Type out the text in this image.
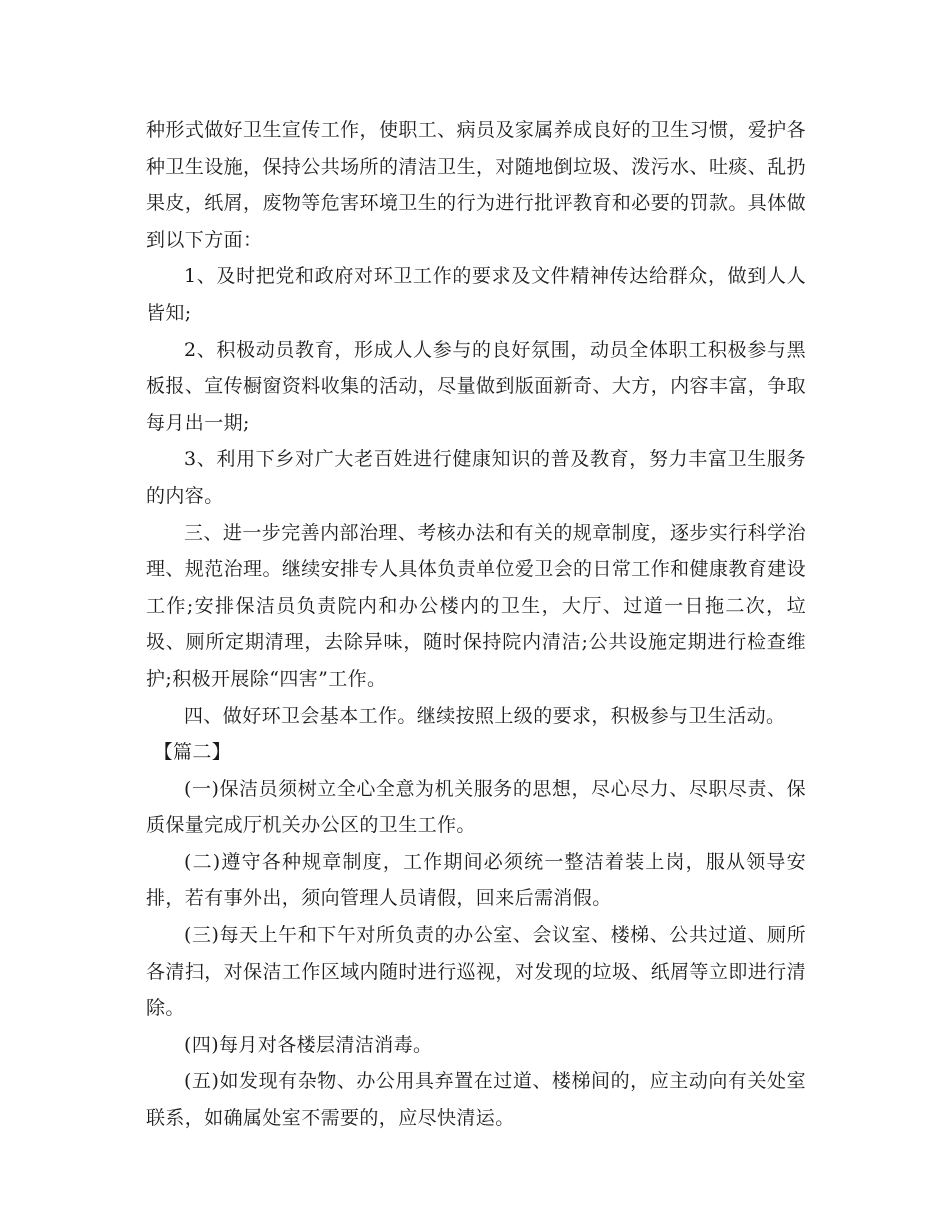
种形式做好卫生宣传工作，使职工、病员及家属养成良好的卫生习惯，爱护各种卫生设施，保持公共场所的清洁卫生，对随地倒垃圾、泼污水、吐痰、乱扔果皮，纸屑，废物等危害环境卫生的行为进行批评教育和必要的罚款。具体做到以下方面：

1、及时把党和政府对环卫工作的要求及文件精神传达给群众，做到人人皆知;

2、积极动员教育，形成人人参与的良好氛围，动员全体职工积极参与黑板报、宣传橱窗资料收集的活动，尽量做到版面新奇、大方，内容丰富，争取每月出一期;

3、利用下乡对广大老百姓进行健康知识的普及教育，努力丰富卫生服务的内容。

三、进一步完善内部治理、考核办法和有关的规章制度，逐步实行科学治理、规范治理。继续安排专人具体负责单位爱卫会的日常工作和健康教育建设工作;安排保洁员负责院内和办公楼内的卫生，大厅、过道一日拖二次，垃圾、厕所定期清理，去除异味，随时保持院内清洁;公共设施定期进行检查维护;积极开展除“四害”工作。

四、做好环卫会基本工作。继续按照上级的要求，积极参与卫生活动。

【篇二】

(一)保洁员须树立全心全意为机关服务的思想，尽心尽力、尽职尽责、保质保量完成厅机关办公区的卫生工作。

(二)遵守各种规章制度，工作期间必须统一整洁着装上岗，服从领导安排，若有事外出，须向管理人员请假，回来后需消假。

(三)每天上午和下午对所负责的办公室、会议室、楼梯、公共过道、厕所各清扫，对保洁工作区域内随时进行巡视，对发现的垃圾、纸屑等立即进行清除。

(四)每月对各楼层清洁消毒。

(五)如发现有杂物、办公用具弃置在过道、楼梯间的，应主动向有关处室联系，如确属处室不需要的，应尽快清运。
